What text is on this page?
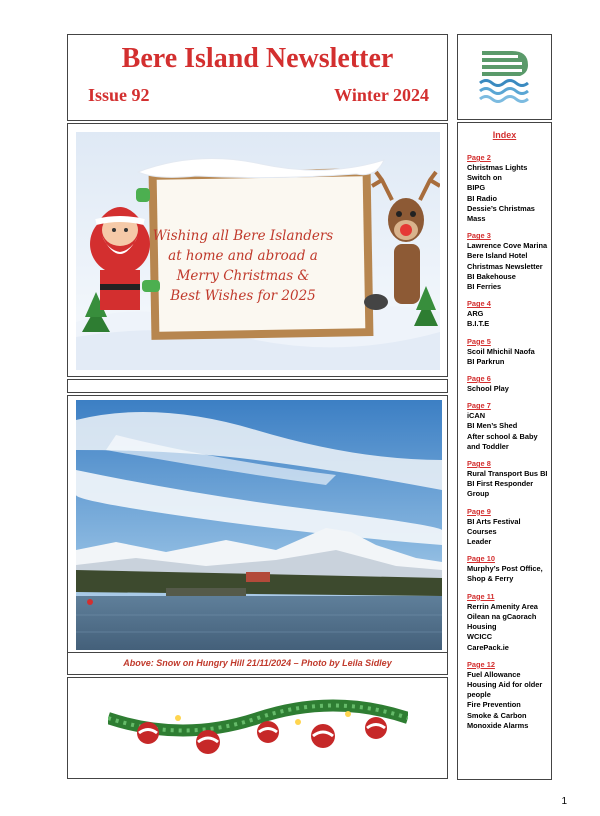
Bere Island Newsletter
Issue 92	Winter 2024
Wishing all Bere Islanders
at home and abroad a
Merry Christmas &
Best Wishes for 2025
Above: Snow on Hungry Hill 21/11/2024 – Photo by Leila Sidley
Index
Page 2
Christmas Lights Switch on
BIPG
BI Radio
Dessie’s Christmas Mass
Page 3
Lawrence Cove Marina
Bere Island Hotel
Christmas Newsletter
BI Bakehouse
BI Ferries
Page 4
ARG
B.I.T.E
Page 5
Scoil Mhichil Naofa
BI Parkrun
Page 6
School Play
Page 7
iCAN
BI Men’s Shed
After school & Baby and Toddler
Page 8
Rural Transport Bus BI
BI First Responder Group
Page 9
BI Arts Festival Courses
Leader
Page 10
Murphy’s Post Office, Shop & Ferry
Page 11
Rerrin Amenity Area
Oilean na gCaorach Housing
WCICC
CarePack.ie
Page 12
Fuel Allowance
Housing Aid for older people
Fire Prevention
Smoke & Carbon Monoxide Alarms
1
